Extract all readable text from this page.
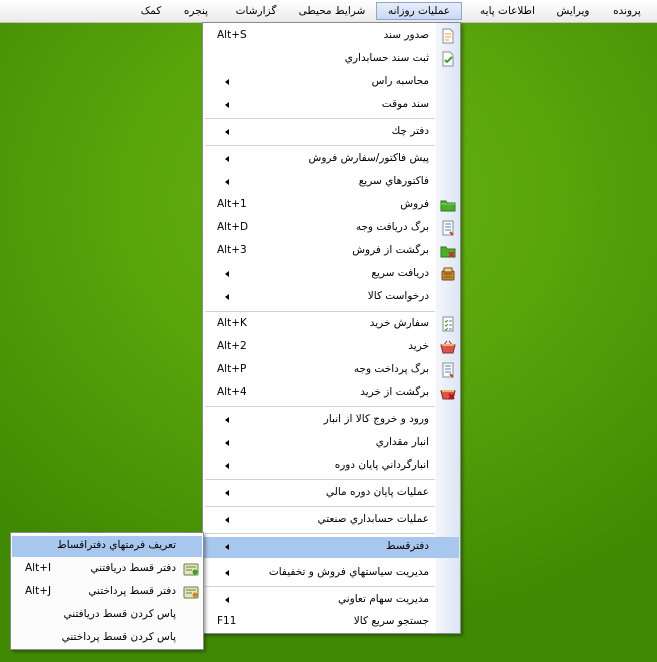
پرونده
ویرایش
اطلاعات پایه
عملیات روزانه
شرایط محیطی
گزارشات
پنجره
کمک
Alt+S	صدور سند
ثبت سند حسابداري
محاسبه راس
سند موقت
دفتر چك
پيش فاكتور/سفارش فروش
فاكتورهاي سريع
Alt+1	فروش
Alt+D	برگ دريافت وجه
Alt+3	برگشت از فروش
دريافت سريع
درخواست كالا
Alt+K	سفارش خريد
Alt+2	خريد
Alt+P	برگ پرداخت وجه
Alt+4	برگشت از خريد
ورود و خروج كالا از انبار
انبار مقداري
انبارگرداني پايان دوره
عمليات پايان دوره مالي
عمليات حسابداري صنعتي
دفترقسط
مديريت سياستهاي فروش و تخفيفات
مديريت سهام تعاوني
F11	جستجو سريع كالا
تعريف فرمتهاي دفتراقساط
Alt+I	دفتر قسط دريافتني
Alt+J	دفتر قسط پرداختني
پاس كردن قسط دريافتني
پاس كردن قسط پرداختني
